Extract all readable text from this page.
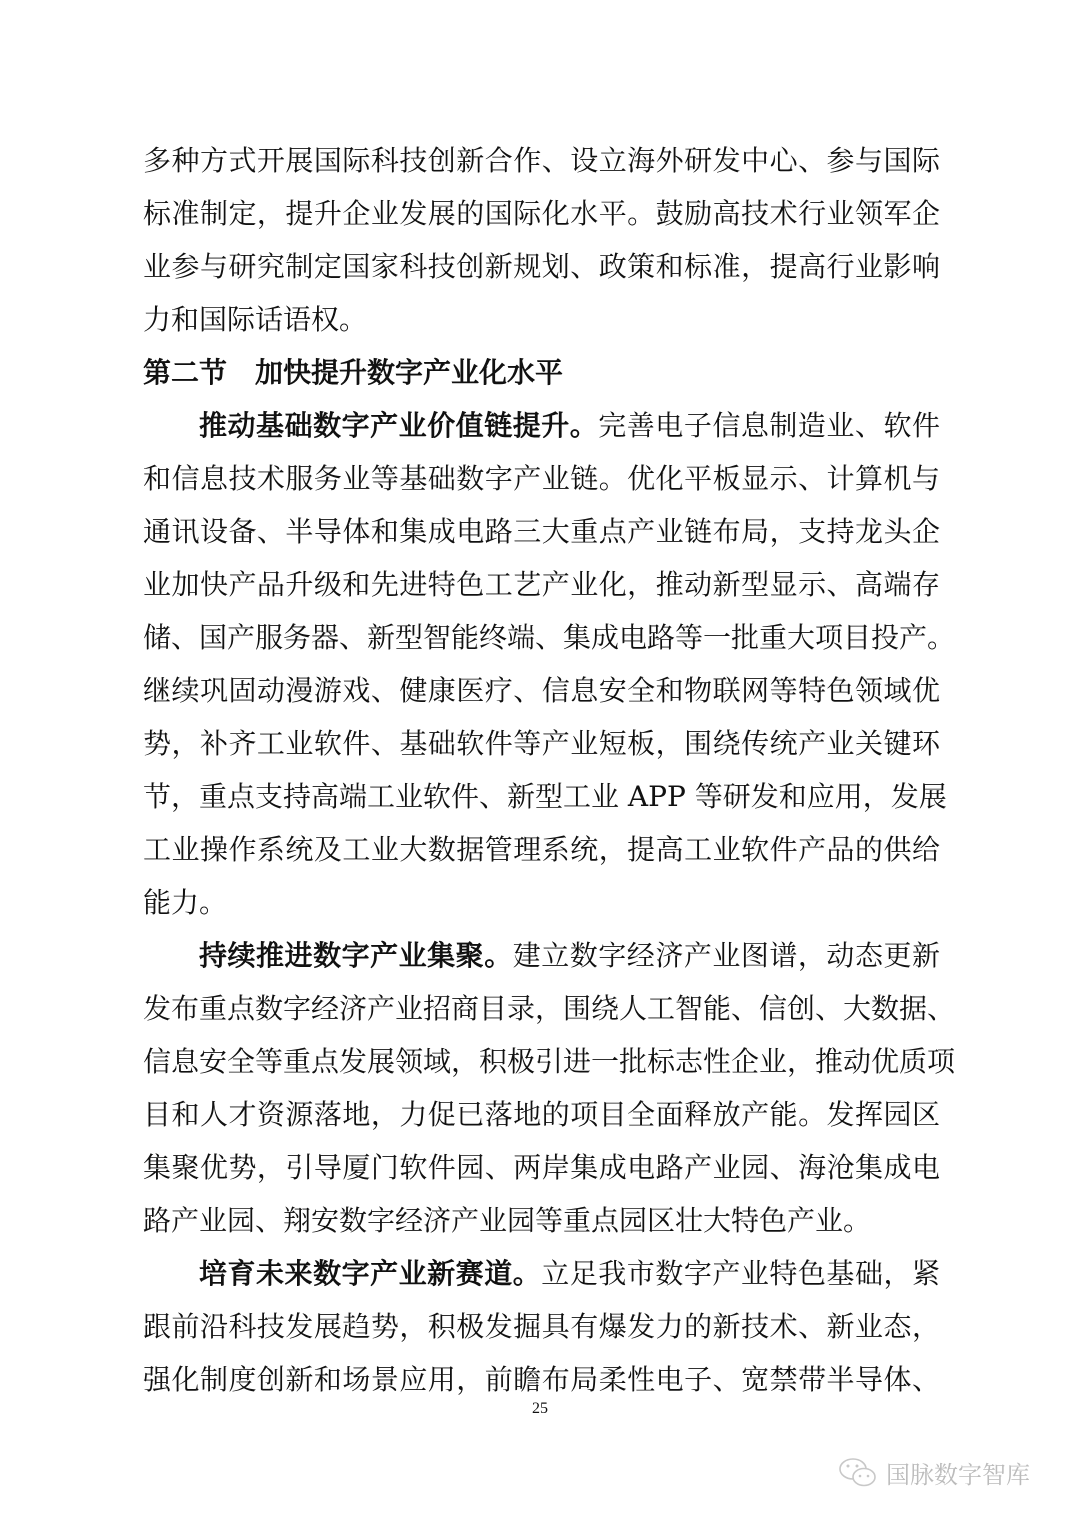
多种方式开展国际科技创新合作、设立海外研发中心、参与国际
标准制定，提升企业发展的国际化水平。鼓励高技术行业领军企
业参与研究制定国家科技创新规划、政策和标准，提高行业影响
力和国际话语权。
第二节　加快提升数字产业化水平
推动基础数字产业价值链提升。完善电子信息制造业、软件
和信息技术服务业等基础数字产业链。优化平板显示、计算机与
通讯设备、半导体和集成电路三大重点产业链布局，支持龙头企
业加快产品升级和先进特色工艺产业化，推动新型显示、高端存
储、国产服务器、新型智能终端、集成电路等一批重大项目投产。
继续巩固动漫游戏、健康医疗、信息安全和物联网等特色领域优
势，补齐工业软件、基础软件等产业短板，围绕传统产业关键环
节，重点支持高端工业软件、新型工业 APP 等研发和应用，发展
工业操作系统及工业大数据管理系统，提高工业软件产品的供给
能力。
持续推进数字产业集聚。建立数字经济产业图谱，动态更新
发布重点数字经济产业招商目录，围绕人工智能、信创、大数据、
信息安全等重点发展领域，积极引进一批标志性企业，推动优质项
目和人才资源落地，力促已落地的项目全面释放产能。发挥园区
集聚优势，引导厦门软件园、两岸集成电路产业园、海沧集成电
路产业园、翔安数字经济产业园等重点园区壮大特色产业。
培育未来数字产业新赛道。立足我市数字产业特色基础，紧
跟前沿科技发展趋势，积极发掘具有爆发力的新技术、新业态，
强化制度创新和场景应用，前瞻布局柔性电子、宽禁带半导体、
25
国脉数字智库
